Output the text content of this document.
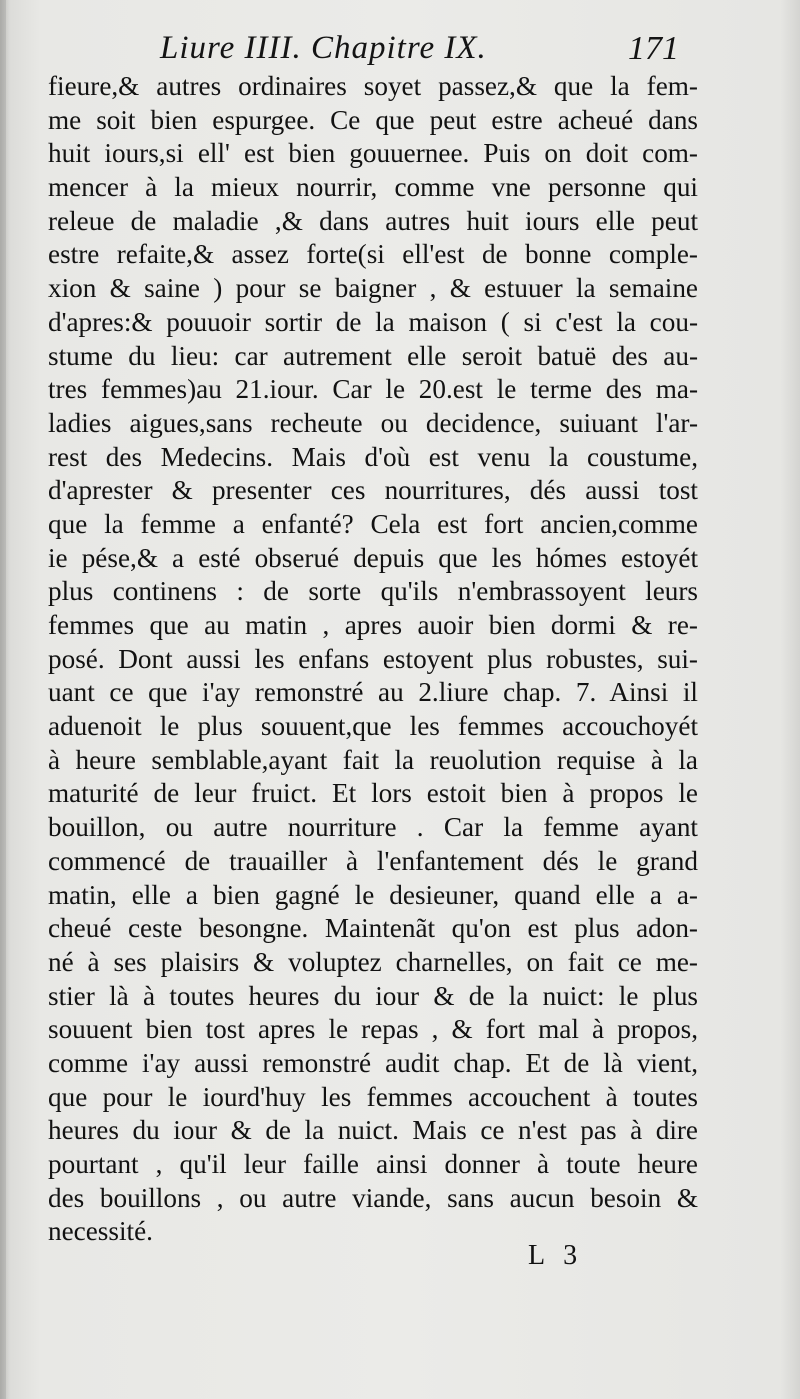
Liure IIII. Chapitre IX.	171
fieure,& autres ordinaires soyet passez,& que la fem-
me soit bien espurgee. Ce que peut estre acheué dans
huit iours,si ell' est bien gouuernee. Puis on doit com-
mencer à la mieux nourrir, comme vne personne qui
releue de maladie ,& dans autres huit iours elle peut
estre refaite,& assez forte(si ell'est de bonne comple-
xion & saine ) pour se baigner , & estuuer la semaine
d'apres:& pouuoir sortir de la maison ( si c'est la cou-
stume du lieu: car autrement elle seroit batuë des au-
tres femmes)au 21.iour. Car le 20.est le terme des ma-
ladies aigues,sans recheute ou decidence, suiuant l'ar-
rest des Medecins. Mais d'où est venu la coustume,
d'aprester & presenter ces nourritures, dés aussi tost
que la femme a enfanté? Cela est fort ancien,comme
ie pése,& a esté obserué depuis que les hómes estoyét
plus continens : de sorte qu'ils n'embrassoyent leurs
femmes que au matin , apres auoir bien dormi & re-
posé. Dont aussi les enfans estoyent plus robustes, sui-
uant ce que i'ay remonstré au 2.liure chap. 7. Ainsi il
aduenoit le plus souuent,que les femmes accouchoyét
à heure semblable,ayant fait la reuolution requise à la
maturité de leur fruict. Et lors estoit bien à propos le
bouillon, ou autre nourriture . Car la femme ayant
commencé de trauailler à l'enfantement dés le grand
matin, elle a bien gagné le desieuner, quand elle a a-
cheué ceste besongne. Maintenãt qu'on est plus adon-
né à ses plaisirs & voluptez charnelles, on fait ce me-
stier là à toutes heures du iour & de la nuict: le plus
souuent bien tost apres le repas , & fort mal à propos,
comme i'ay aussi remonstré audit chap. Et de là vient,
que pour le iourd'huy les femmes accouchent à toutes
heures du iour & de la nuict. Mais ce n'est pas à dire
pourtant , qu'il leur faille ainsi donner à toute heure
des bouillons , ou autre viande, sans aucun besoin &
necessité.
L 3
